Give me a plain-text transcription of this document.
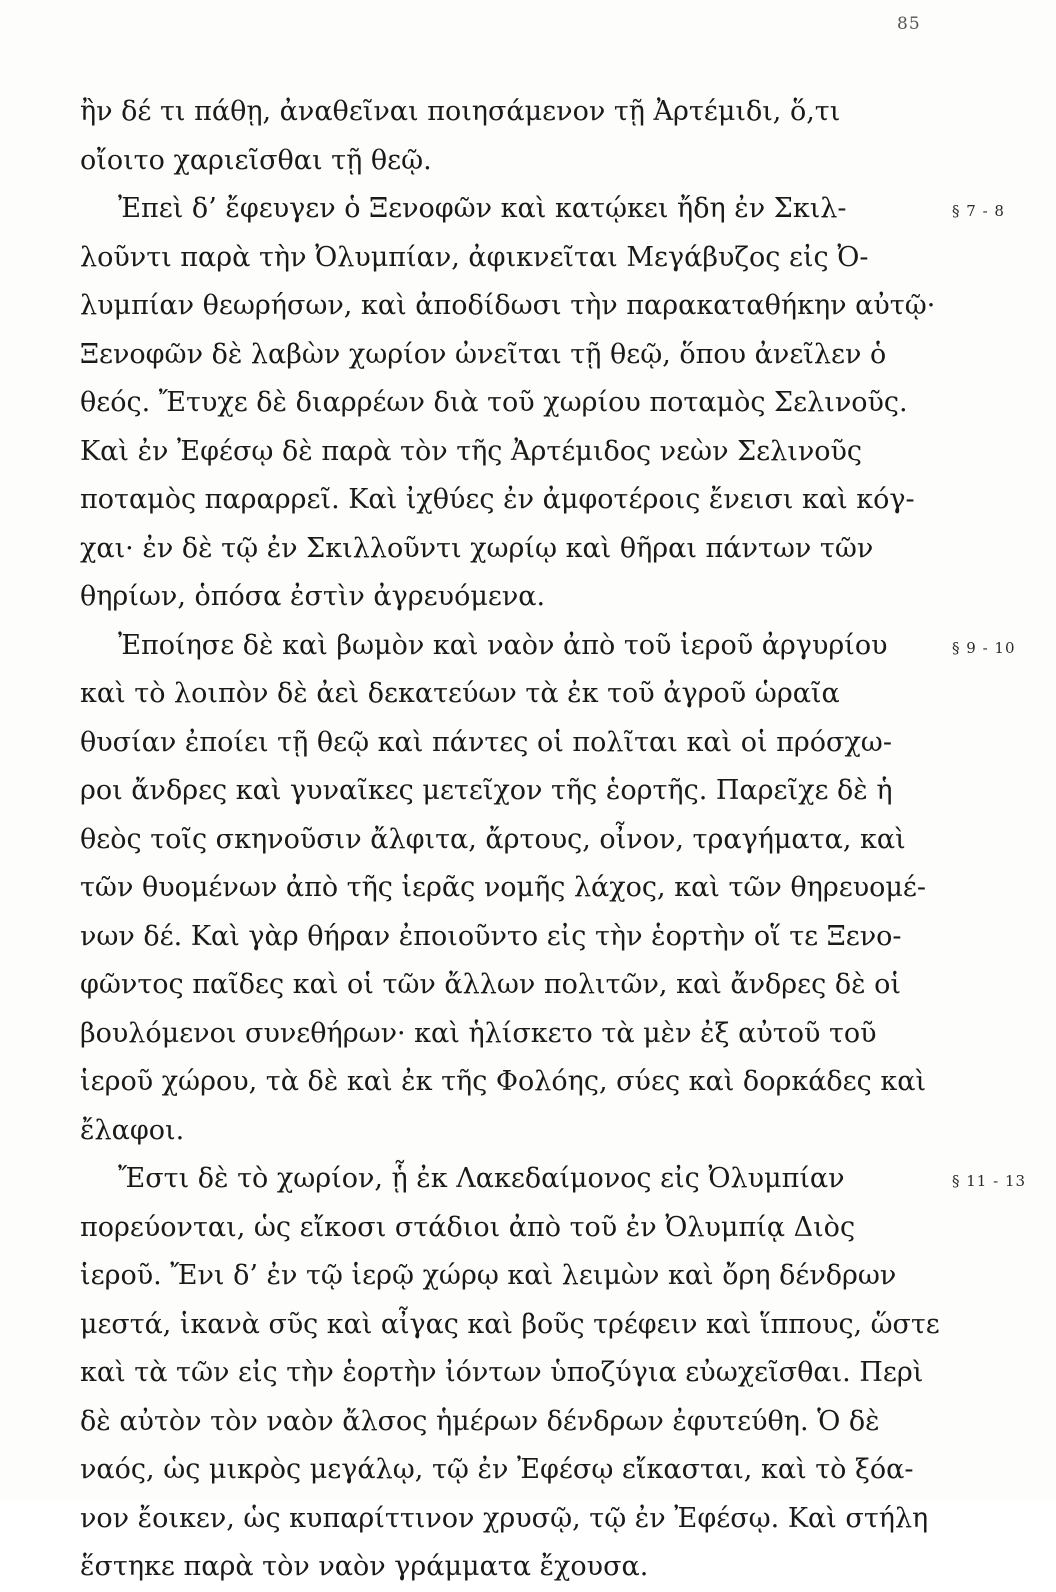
85
ἢν δέ τι πάθῃ, ἀναθεῖναι ποιησάμενον τῇ Ἀρτέμιδι, ὅ,τι
οἴοιτο χαριεῖσθαι τῇ θεῷ.
Ἐπεὶ δ’ ἔφευγεν ὁ Ξενοφῶν καὶ κατῴκει ἤδη ἐν Σκιλ-	§ 7 - 8
λοῦντι παρὰ τὴν Ὀλυμπίαν, ἀφικνεῖται Μεγάβυζος εἰς Ὀ-
λυμπίαν θεωρήσων, καὶ ἀποδίδωσι τὴν παρακαταθήκην αὐτῷ·
Ξενοφῶν δὲ λαβὼν χωρίον ὠνεῖται τῇ θεῷ, ὅπου ἀνεῖλεν ὁ
θεός. Ἔτυχε δὲ διαρρέων διὰ τοῦ χωρίου ποταμὸς Σελινοῦς.
Καὶ ἐν Ἐφέσῳ δὲ παρὰ τὸν τῆς Ἀρτέμιδος νεὼν Σελινοῦς
ποταμὸς παραρρεῖ. Καὶ ἰχθύες ἐν ἀμφοτέροις ἔνεισι καὶ κόγ-
χαι· ἐν δὲ τῷ ἐν Σκιλλοῦντι χωρίῳ καὶ θῆραι πάντων τῶν
θηρίων, ὁπόσα ἐστὶν ἀγρευόμενα.
Ἐποίησε δὲ καὶ βωμὸν καὶ ναὸν ἀπὸ τοῦ ἱεροῦ ἀργυρίου	§ 9 - 10
καὶ τὸ λοιπὸν δὲ ἀεὶ δεκατεύων τὰ ἐκ τοῦ ἀγροῦ ὡραῖα
θυσίαν ἐποίει τῇ θεῷ καὶ πάντες οἱ πολῖται καὶ οἱ πρόσχω-
ροι ἄνδρες καὶ γυναῖκες μετεῖχον τῆς ἑορτῆς. Παρεῖχε δὲ ἡ
θεὸς τοῖς σκηνοῦσιν ἄλφιτα, ἄρτους, οἶνον, τραγήματα, καὶ
τῶν θυομένων ἀπὸ τῆς ἱερᾶς νομῆς λάχος, καὶ τῶν θηρευομέ-
νων δέ. Καὶ γὰρ θήραν ἐποιοῦντο εἰς τὴν ἑορτὴν οἵ τε Ξενο-
φῶντος παῖδες καὶ οἱ τῶν ἄλλων πολιτῶν, καὶ ἄνδρες δὲ οἱ
βουλόμενοι συνεθήρων· καὶ ἡλίσκετο τὰ μὲν ἐξ αὐτοῦ τοῦ
ἱεροῦ χώρου, τὰ δὲ καὶ ἐκ τῆς Φολόης, σύες καὶ δορκάδες καὶ
ἔλαφοι.
Ἔστι δὲ τὸ χωρίον, ᾗ ἐκ Λακεδαίμονος εἰς Ὀλυμπίαν	§ 11 - 13
πορεύονται, ὡς εἴκοσι στάδιοι ἀπὸ τοῦ ἐν Ὀλυμπίᾳ Διὸς
ἱεροῦ. Ἔνι δ’ ἐν τῷ ἱερῷ χώρῳ καὶ λειμὼν καὶ ὄρη δένδρων
μεστά, ἱκανὰ σῦς καὶ αἶγας καὶ βοῦς τρέφειν καὶ ἵππους, ὥστε
καὶ τὰ τῶν εἰς τὴν ἑορτὴν ἰόντων ὑποζύγια εὐωχεῖσθαι. Περὶ
δὲ αὐτὸν τὸν ναὸν ἄλσος ἡμέρων δένδρων ἐφυτεύθη. Ὁ δὲ
ναός, ὡς μικρὸς μεγάλῳ, τῷ ἐν Ἐφέσῳ εἴκασται, καὶ τὸ ξόα-
νον ἔοικεν, ὡς κυπαρίττινον χρυσῷ, τῷ ἐν Ἐφέσῳ. Καὶ στήλη
ἕστηκε παρὰ τὸν ναὸν γράμματα ἔχουσα.
